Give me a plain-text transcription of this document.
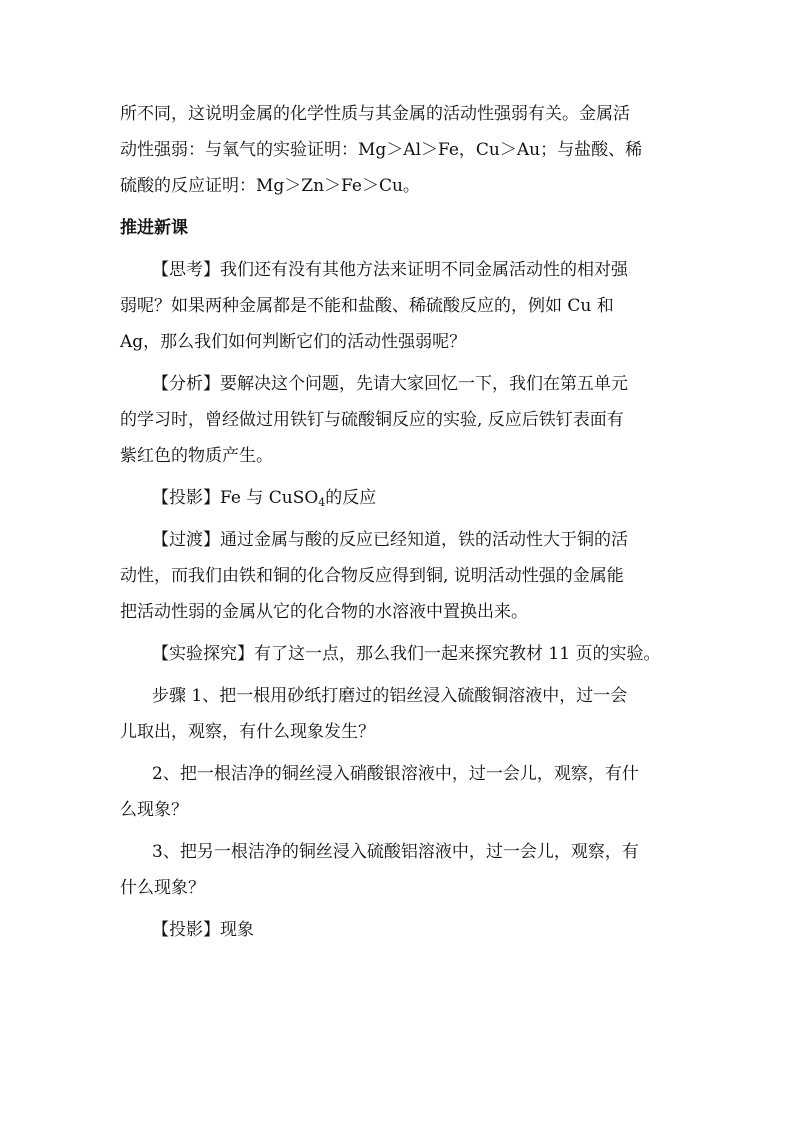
所不同，这说明金属的化学性质与其金属的活动性强弱有关。金属活
动性强弱：与氧气的实验证明：Mg＞Al＞Fe，Cu＞Au；与盐酸、稀
硫酸的反应证明：Mg＞Zn＞Fe＞Cu。
推进新课
【思考】我们还有没有其他方法来证明不同金属活动性的相对强
弱呢？如果两种金属都是不能和盐酸、稀硫酸反应的，例如 Cu 和
Ag，那么我们如何判断它们的活动性强弱呢？
【分析】要解决这个问题，先请大家回忆一下，我们在第五单元
的学习时，曾经做过用铁钉与硫酸铜反应的实验, 反应后铁钉表面有
紫红色的物质产生。
【投影】Fe 与 CuSO$_4$的反应
【过渡】通过金属与酸的反应已经知道，铁的活动性大于铜的活
动性，而我们由铁和铜的化合物反应得到铜, 说明活动性强的金属能
把活动性弱的金属从它的化合物的水溶液中置换出来。
【实验探究】有了这一点，那么我们一起来探究教材 11 页的实验。
步骤 1、把一根用砂纸打磨过的铝丝浸入硫酸铜溶液中，过一会
儿取出，观察，有什么现象发生？
2、把一根洁净的铜丝浸入硝酸银溶液中，过一会儿，观察，有什
么现象？
3、把另一根洁净的铜丝浸入硫酸铝溶液中，过一会儿，观察，有
什么现象？
【投影】现象
